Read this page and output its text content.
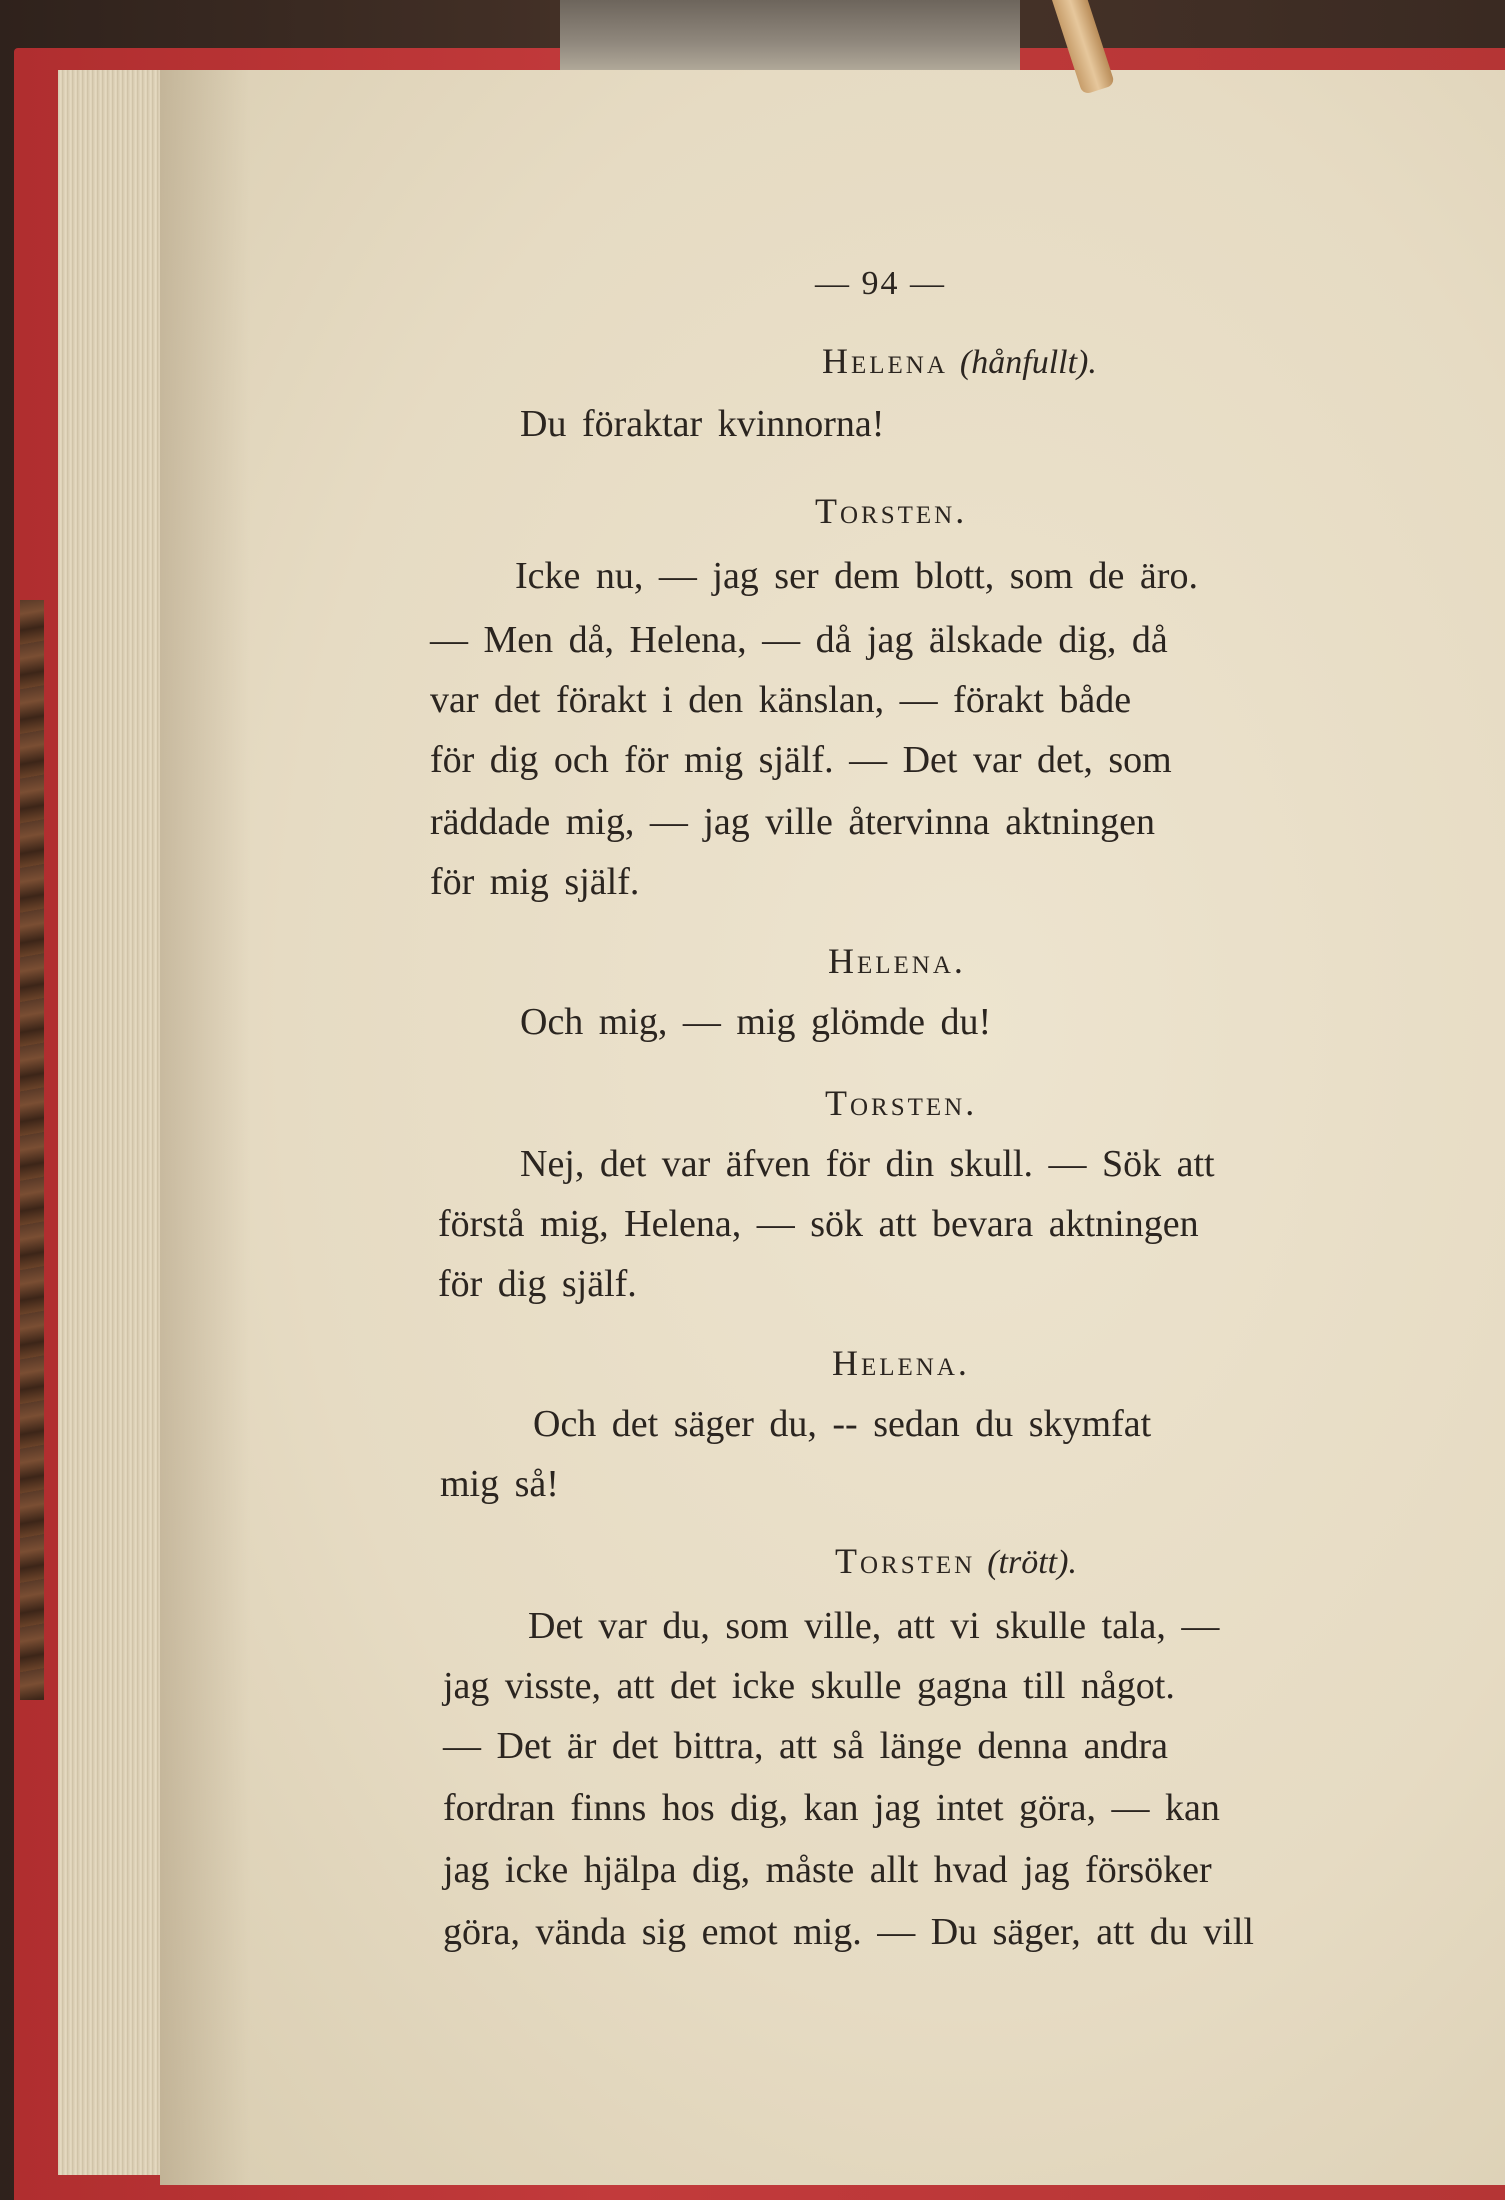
— 94 —
Helena (hånfullt).
Du föraktar kvinnorna!
Torsten.
Icke nu, — jag ser dem blott, som de äro.
— Men då, Helena, — då jag älskade dig, då
var det förakt i den känslan, — förakt både
för dig och för mig själf. — Det var det, som
räddade mig, — jag ville återvinna aktningen
för mig själf.
Helena.
Och mig, — mig glömde du!
Torsten.
Nej, det var äfven för din skull. — Sök att
förstå mig, Helena, — sök att bevara aktningen
för dig själf.
Helena.
Och det säger du, -- sedan du skymfat
mig så!
Torsten (trött).
Det var du, som ville, att vi skulle tala, —
jag visste, att det icke skulle gagna till något.
— Det är det bittra, att så länge denna andra
fordran finns hos dig, kan jag intet göra, — kan
jag icke hjälpa dig, måste allt hvad jag försöker
göra, vända sig emot mig. — Du säger, att du vill
